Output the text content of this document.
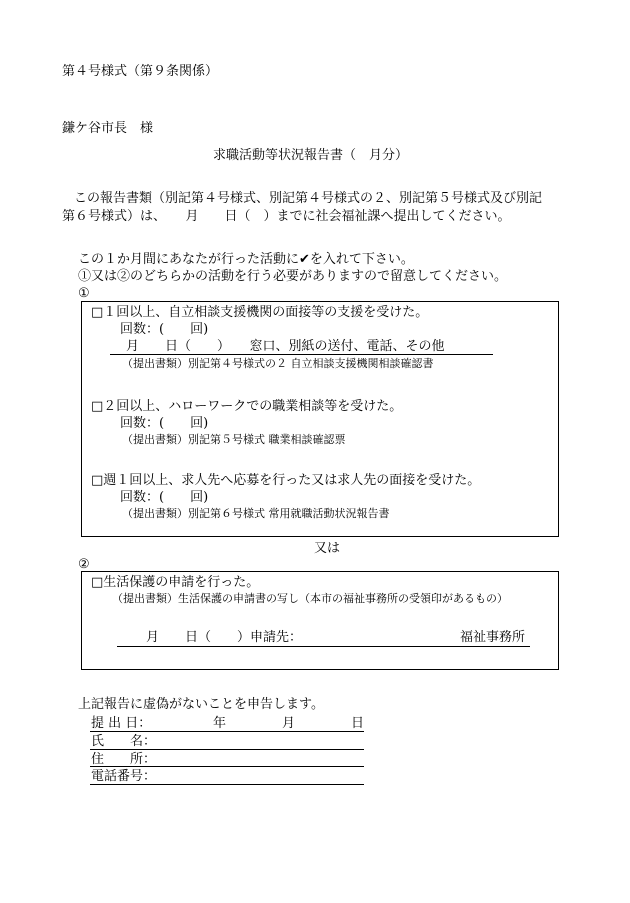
第４号様式（第９条関係）
鎌ケ谷市長　様
求職活動等状況報告書（　月分）
この報告書類（別記第４号様式、別記第４号様式の２、別記第５号様式及び別記
第６号様式）は、　　月　　日（　）までに社会福祉課へ提出してください。
この１か月間にあなたが行った活動に✔を入れて下さい。
①又は②のどちらかの活動を行う必要がありますので留意してください。
①
□１回以上、自立相談支援機関の面接等の支援を受けた。
回数：(　　回)
月　　日（　　）　　窓口、別紙の送付、電話、その他
（提出書類）別記第４号様式の２ 自立相談支援機関相談確認書
□２回以上、ハローワークでの職業相談等を受けた。
回数：(　　回)
（提出書類）別記第５号様式 職業相談確認票
□週１回以上、求人先へ応募を行った又は求人先の面接を受けた。
回数：(　　回)
（提出書類）別記第６号様式 常用就職活動状況報告書
又は
②
□生活保護の申請を行った。
（提出書類）生活保護の申請書の写し（本市の福祉事務所の受領印があるもの）
月　　日（　　）申請先：	福祉事務所
上記報告に虚偽がないことを申告します。
提 出 日：	年	月	日
氏　　名：
住　　所：
電話番号：
